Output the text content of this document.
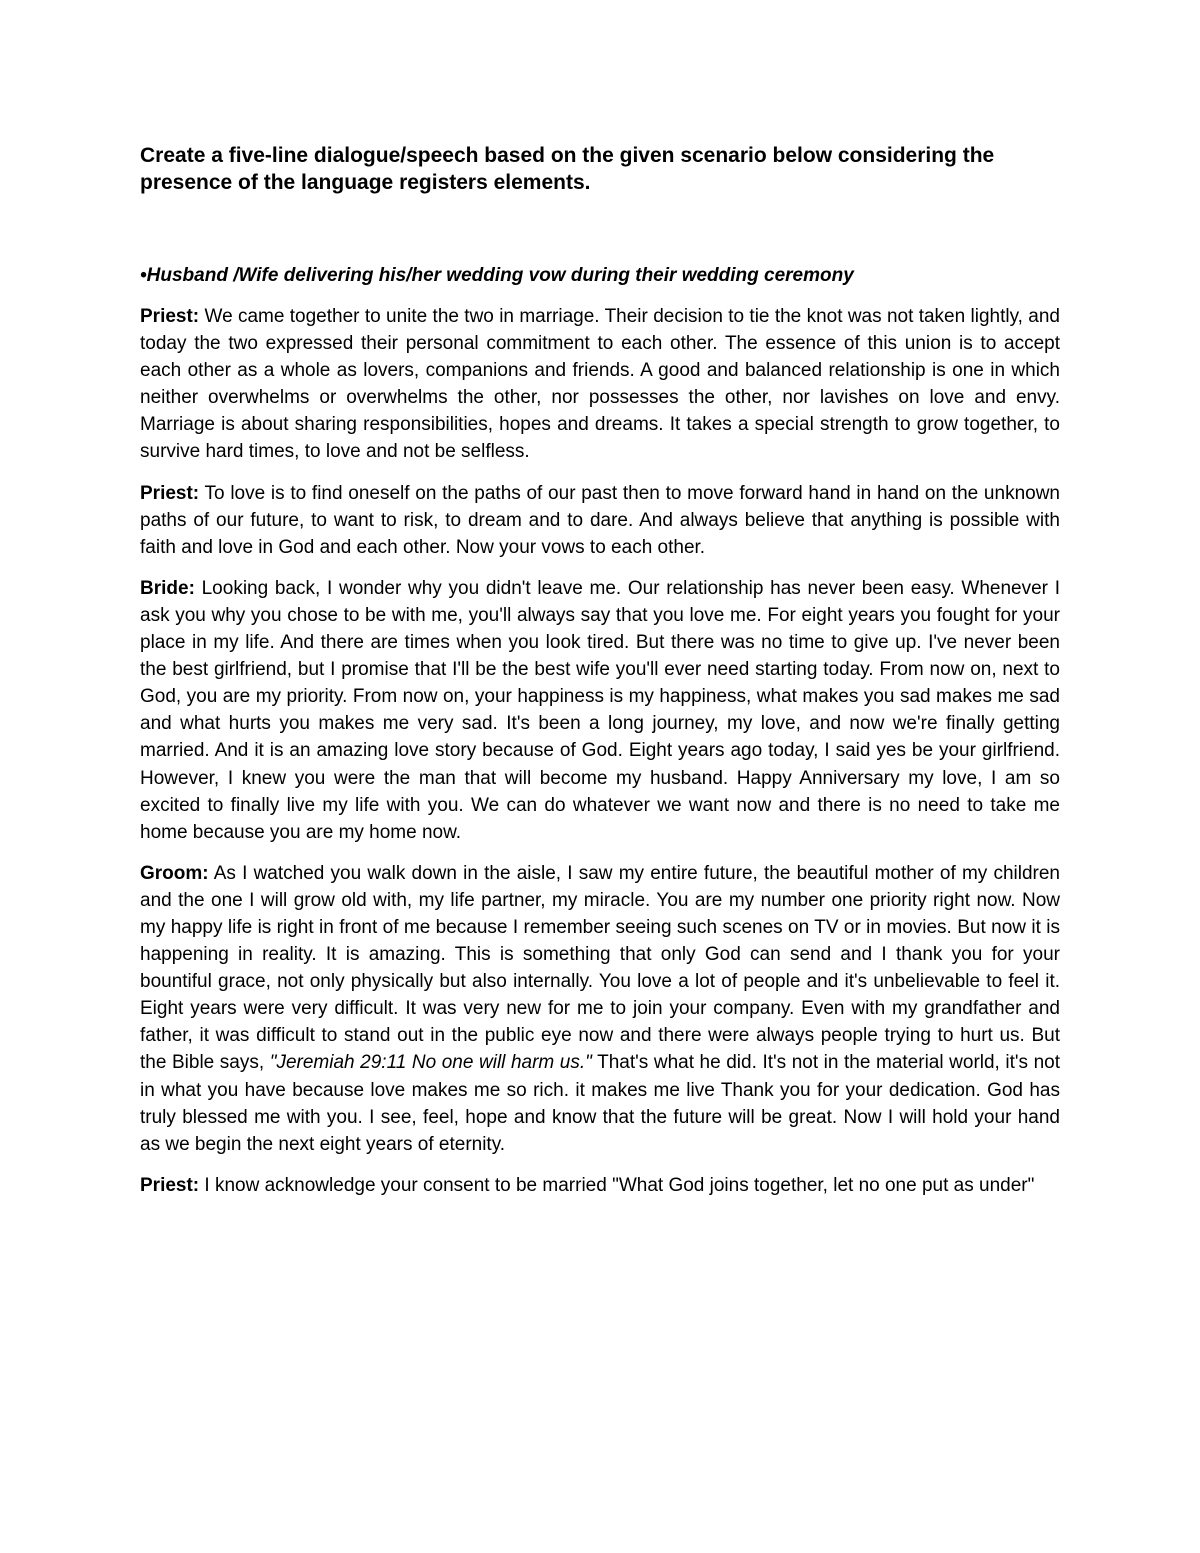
Create a five-line dialogue/speech based on the given scenario below considering the presence of the language registers elements.
•Husband /Wife delivering his/her wedding vow during their wedding ceremony

Priest: We came together to unite the two in marriage. Their decision to tie the knot was not taken lightly, and today the two expressed their personal commitment to each other. The essence of this union is to accept each other as a whole as lovers, companions and friends. A good and balanced relationship is one in which neither overwhelms or overwhelms the other, nor possesses the other, nor lavishes on love and envy. Marriage is about sharing responsibilities, hopes and dreams. It takes a special strength to grow together, to survive hard times, to love and not be selfless.

Priest: To love is to find oneself on the paths of our past then to move forward hand in hand on the unknown paths of our future, to want to risk, to dream and to dare. And always believe that anything is possible with faith and love in God and each other. Now your vows to each other.

Bride: Looking back, I wonder why you didn't leave me. Our relationship has never been easy. Whenever I ask you why you chose to be with me, you'll always say that you love me. For eight years you fought for your place in my life. And there are times when you look tired. But there was no time to give up. I've never been the best girlfriend, but I promise that I'll be the best wife you'll ever need starting today. From now on, next to God, you are my priority. From now on, your happiness is my happiness, what makes you sad makes me sad and what hurts you makes me very sad. It's been a long journey, my love, and now we're finally getting married. And it is an amazing love story because of God. Eight years ago today, I said yes be your girlfriend. However, I knew you were the man that will become my husband. Happy Anniversary my love, I am so excited to finally live my life with you. We can do whatever we want now and there is no need to take me home because you are my home now.

Groom: As I watched you walk down in the aisle, I saw my entire future, the beautiful mother of my children and the one I will grow old with, my life partner, my miracle. You are my number one priority right now. Now my happy life is right in front of me because I remember seeing such scenes on TV or in movies. But now it is happening in reality. It is amazing. This is something that only God can send and I thank you for your bountiful grace, not only physically but also internally. You love a lot of people and it's unbelievable to feel it. Eight years were very difficult. It was very new for me to join your company. Even with my grandfather and father, it was difficult to stand out in the public eye now and there were always people trying to hurt us. But the Bible says, "Jeremiah 29:11 No one will harm us." That's what he did. It's not in the material world, it's not in what you have because love makes me so rich. it makes me live Thank you for your dedication. God has truly blessed me with you. I see, feel, hope and know that the future will be great. Now I will hold your hand as we begin the next eight years of eternity.

Priest: I know acknowledge your consent to be married "What God joins together, let no one put as under"
